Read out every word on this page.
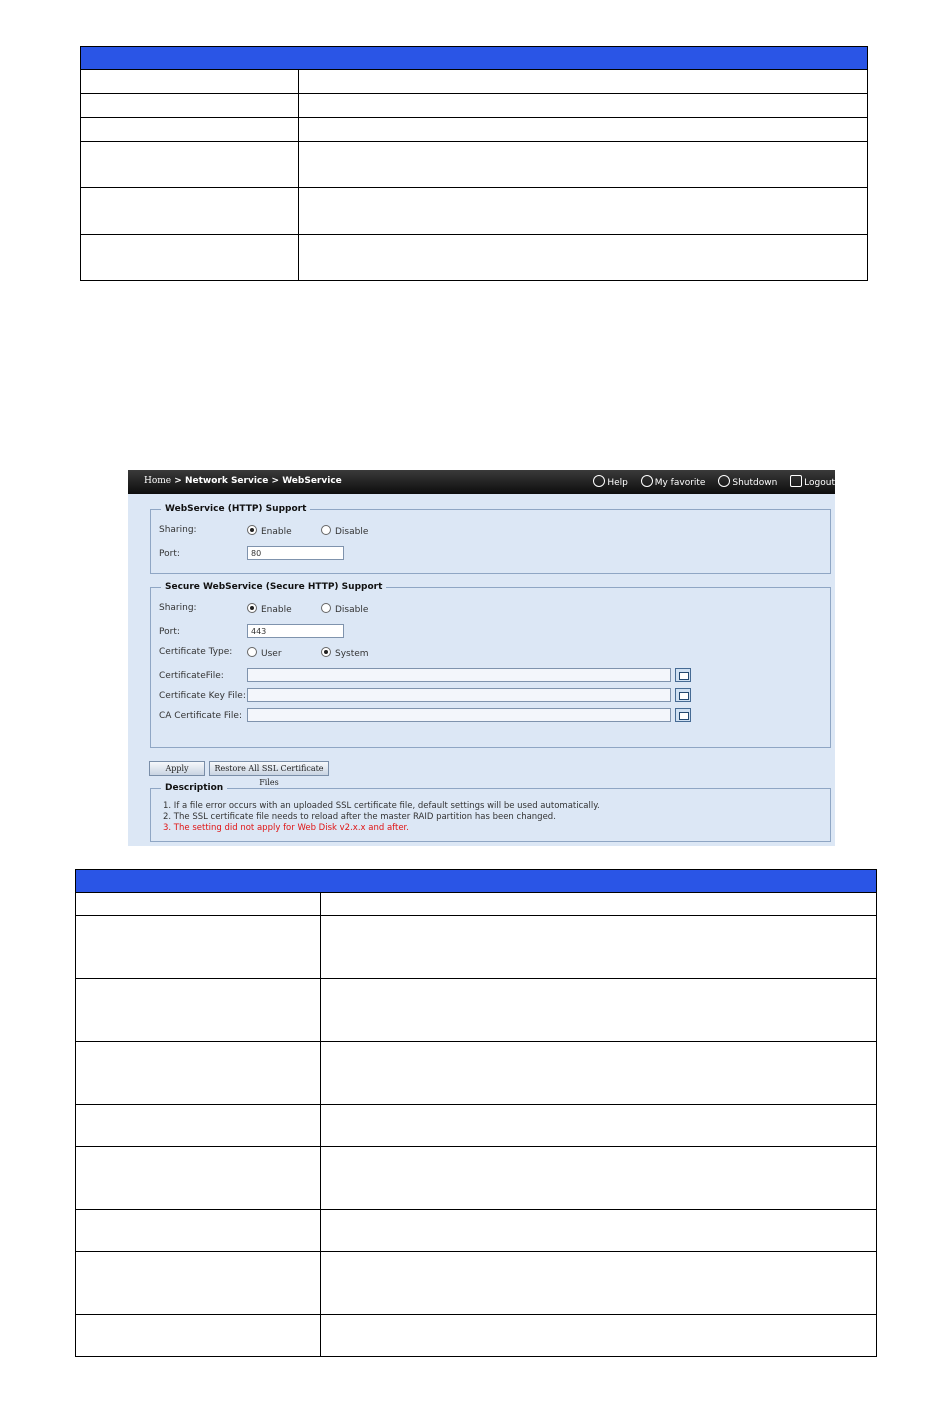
Home > Network Service > WebService	Help	My favorite	Shutdown	Logout
WebService (HTTP) Support
Sharing:	Enable	Disable
Port:	80
Secure WebService (Secure HTTP) Support
Sharing:	Enable	Disable
Port:	443
Certificate Type:	User	System
CertificateFile:
Certificate Key File:
CA Certificate File:
Apply	Restore All SSL Certificate Files
Description
1. If a file error occurs with an uploaded SSL certificate file, default settings will be used automatically.
2. The SSL certificate file needs to reload after the master RAID partition has been changed.
3. The setting did not apply for Web Disk v2.x.x and after.
